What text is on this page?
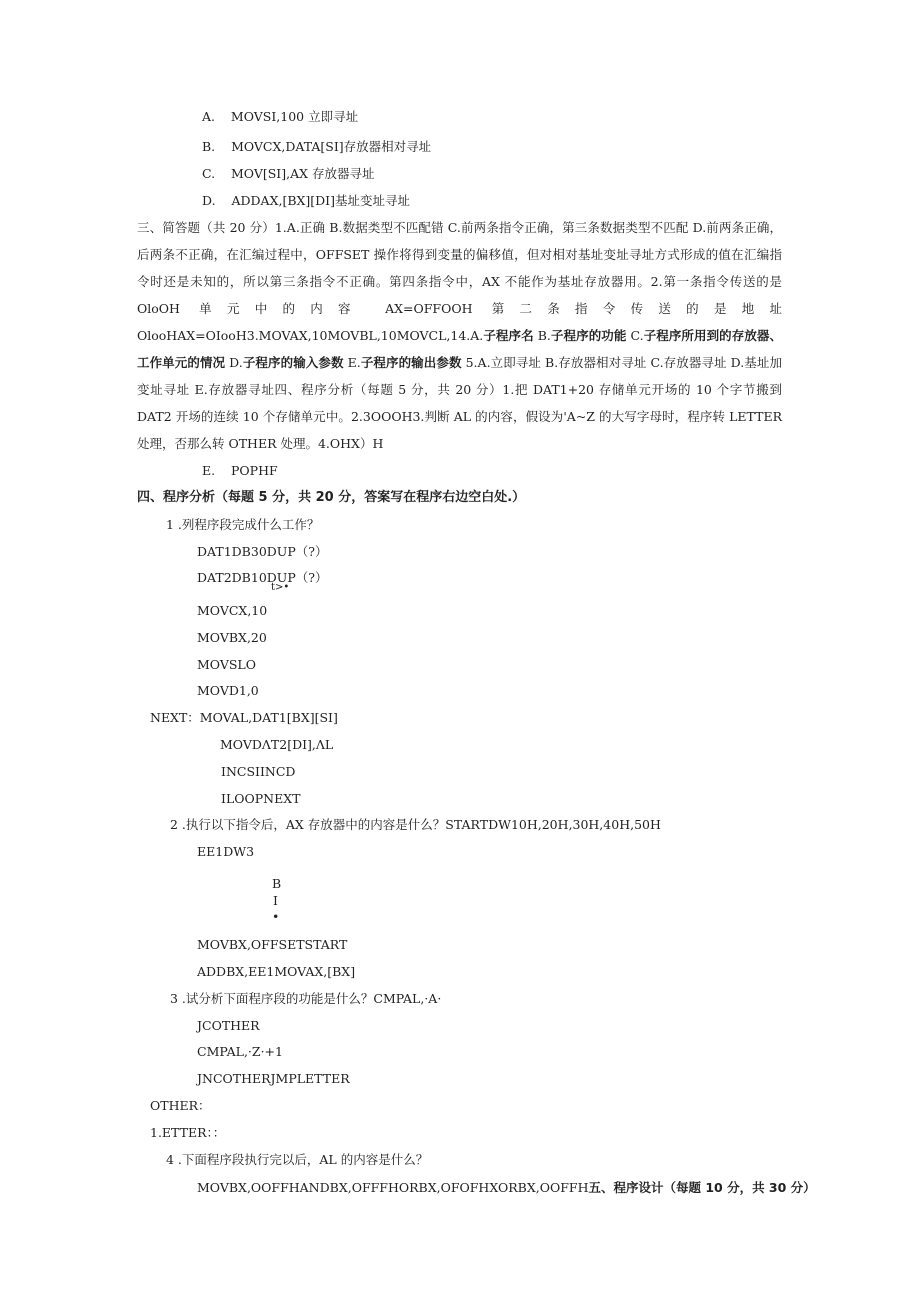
A. MOVSI,100 立即寻址
B. MOVCX,DATA[SI]存放器相对寻址
C. MOV[SI],AX 存放器寻址
D. ADDAX,[BX][DI]基址变址寻址
三、简答题（共 20 分）1.A.正确 B.数据类型不匹配错 C.前两条指令正确，第三条数据类型不匹配 D.前两条正确，后两条不正确，在汇编过程中，OFFSET 操作将得到变量的偏移值，但对相对基址变址寻址方式形成的值在汇编指令时还是未知的，所以第三条指令不正确。第四条指令中，AX 不能作为基址存放器用。2.第一条指令传送的是 OloOH 单元中的内容 AX=OFFOOH 第二条指令传送的是地址 OlooHAX=OIooH3.MOVAX,10MOVBL,10MOVCL,14.A.子程序名 B.子程序的功能 C.子程序所用到的存放器、工作单元的情况 D.子程序的输入参数 E.子程序的输出参数 5.A.立即寻址 B.存放器相对寻址 C.存放器寻址 D.基址加变址寻址 E.存放器寻址四、程序分析（每题 5 分，共 20 分）1.把 DAT1+20 存储单元开场的 10 个字节搬到 DAT2 开场的连续 10 个存储单元中。2.3OOOH3.判断 AL 的内容，假设为'A~Z 的大写字母时，程序转 LETTER 处理，否那么转 OTHER 处理。4.OHX）H
E. POPHF
四、程序分析（每题 5 分，共 20 分，答案写在程序右边空白处.）
1 .列程序段完成什么工作？
DAT1DB30DUP（?）
DAT2DB10DUP（?）
t>•
MOVCX,10
MOVBX,20
MOVSLO
MOVD1,0
NEXT：MOVAL,DAT1[BX][SI]
MOVDΛT2[DI],ΛL
INCSIINCD
ILOOPNEXT
2 .执行以下指令后，AX 存放器中的内容是什么？STARTDW10H,20H,30H,40H,50H
EE1DW3
B
I
•
MOVBX,OFFSETSTART
ADDBX,EE1MOVAX,[BX]
3 .试分析下面程序段的功能是什么？CMPAL,·A·
JCOTHER
CMPAL,·Z·+1
JNCOTHERJMPLETTER
OTHER：
1.ETTER：：
4 .下面程序段执行完以后，AL 的内容是什么？
MOVBX,OOFFHANDBX,OFFFHORBX,OFOFHXORBX,OOFFH五、程序设计（每题 10 分，共 30 分）
